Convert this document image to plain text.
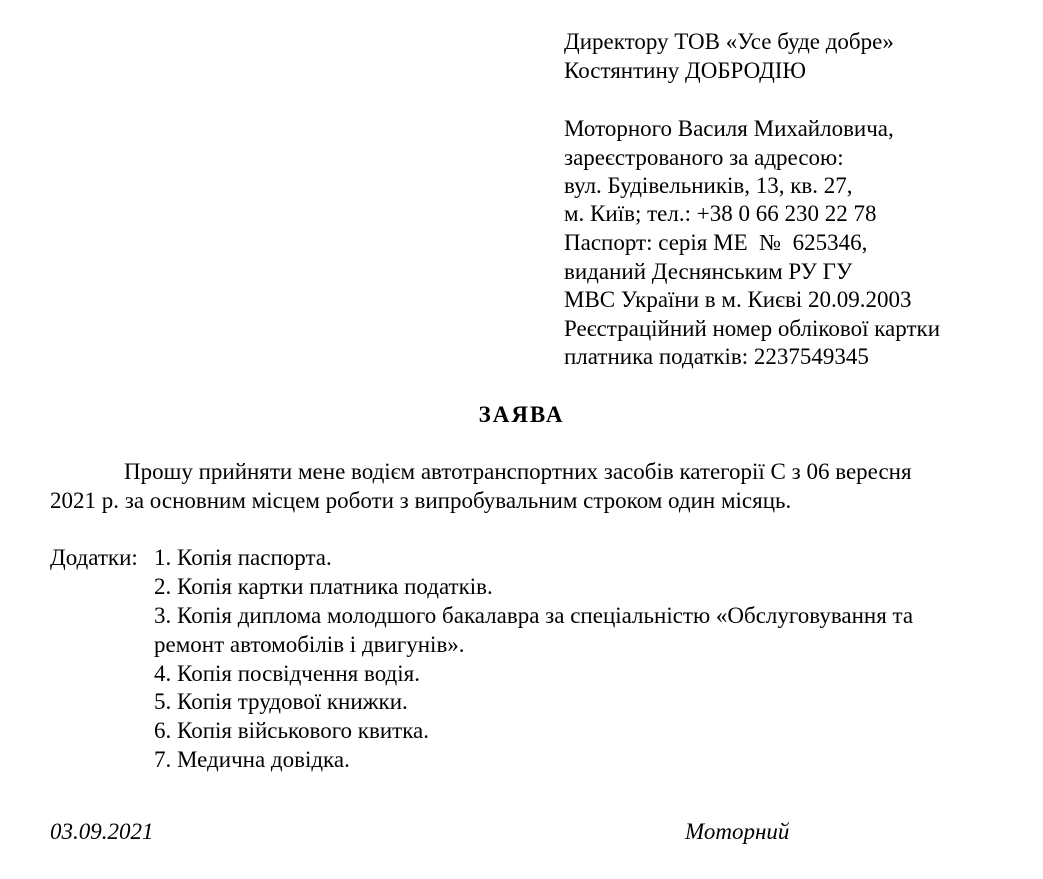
Директору ТОВ «Усе буде добре»
Костянтину ДОБРОДІЮ
Моторного Василя Михайловича,
зареєстрованого за адресою:
вул. Будівельників, 13, кв. 27,
м. Київ; тел.: +38 0 66 230 22 78
Паспорт: серія МЕ  №  625346,
виданий Деснянським РУ ГУ
МВС України в м. Києві 20.09.2003
Реєстраційний номер облікової картки
платника податків: 2237549345
ЗАЯВА
Прошу прийняти мене водієм автотранспортних засобів категорії С з 06 вересня
2021 р. за основним місцем роботи з випробувальним строком один місяць.
Додатки: 1. Копія паспорта.
2. Копія картки платника податків.
3. Копія диплома молодшого бакалавра за спеціальністю «Обслуговування та
ремонт автомобілів і двигунів».
4. Копія посвідчення водія.
5. Копія трудової книжки.
6. Копія військового квитка.
7. Медична довідка.
03.09.2021	Моторний
